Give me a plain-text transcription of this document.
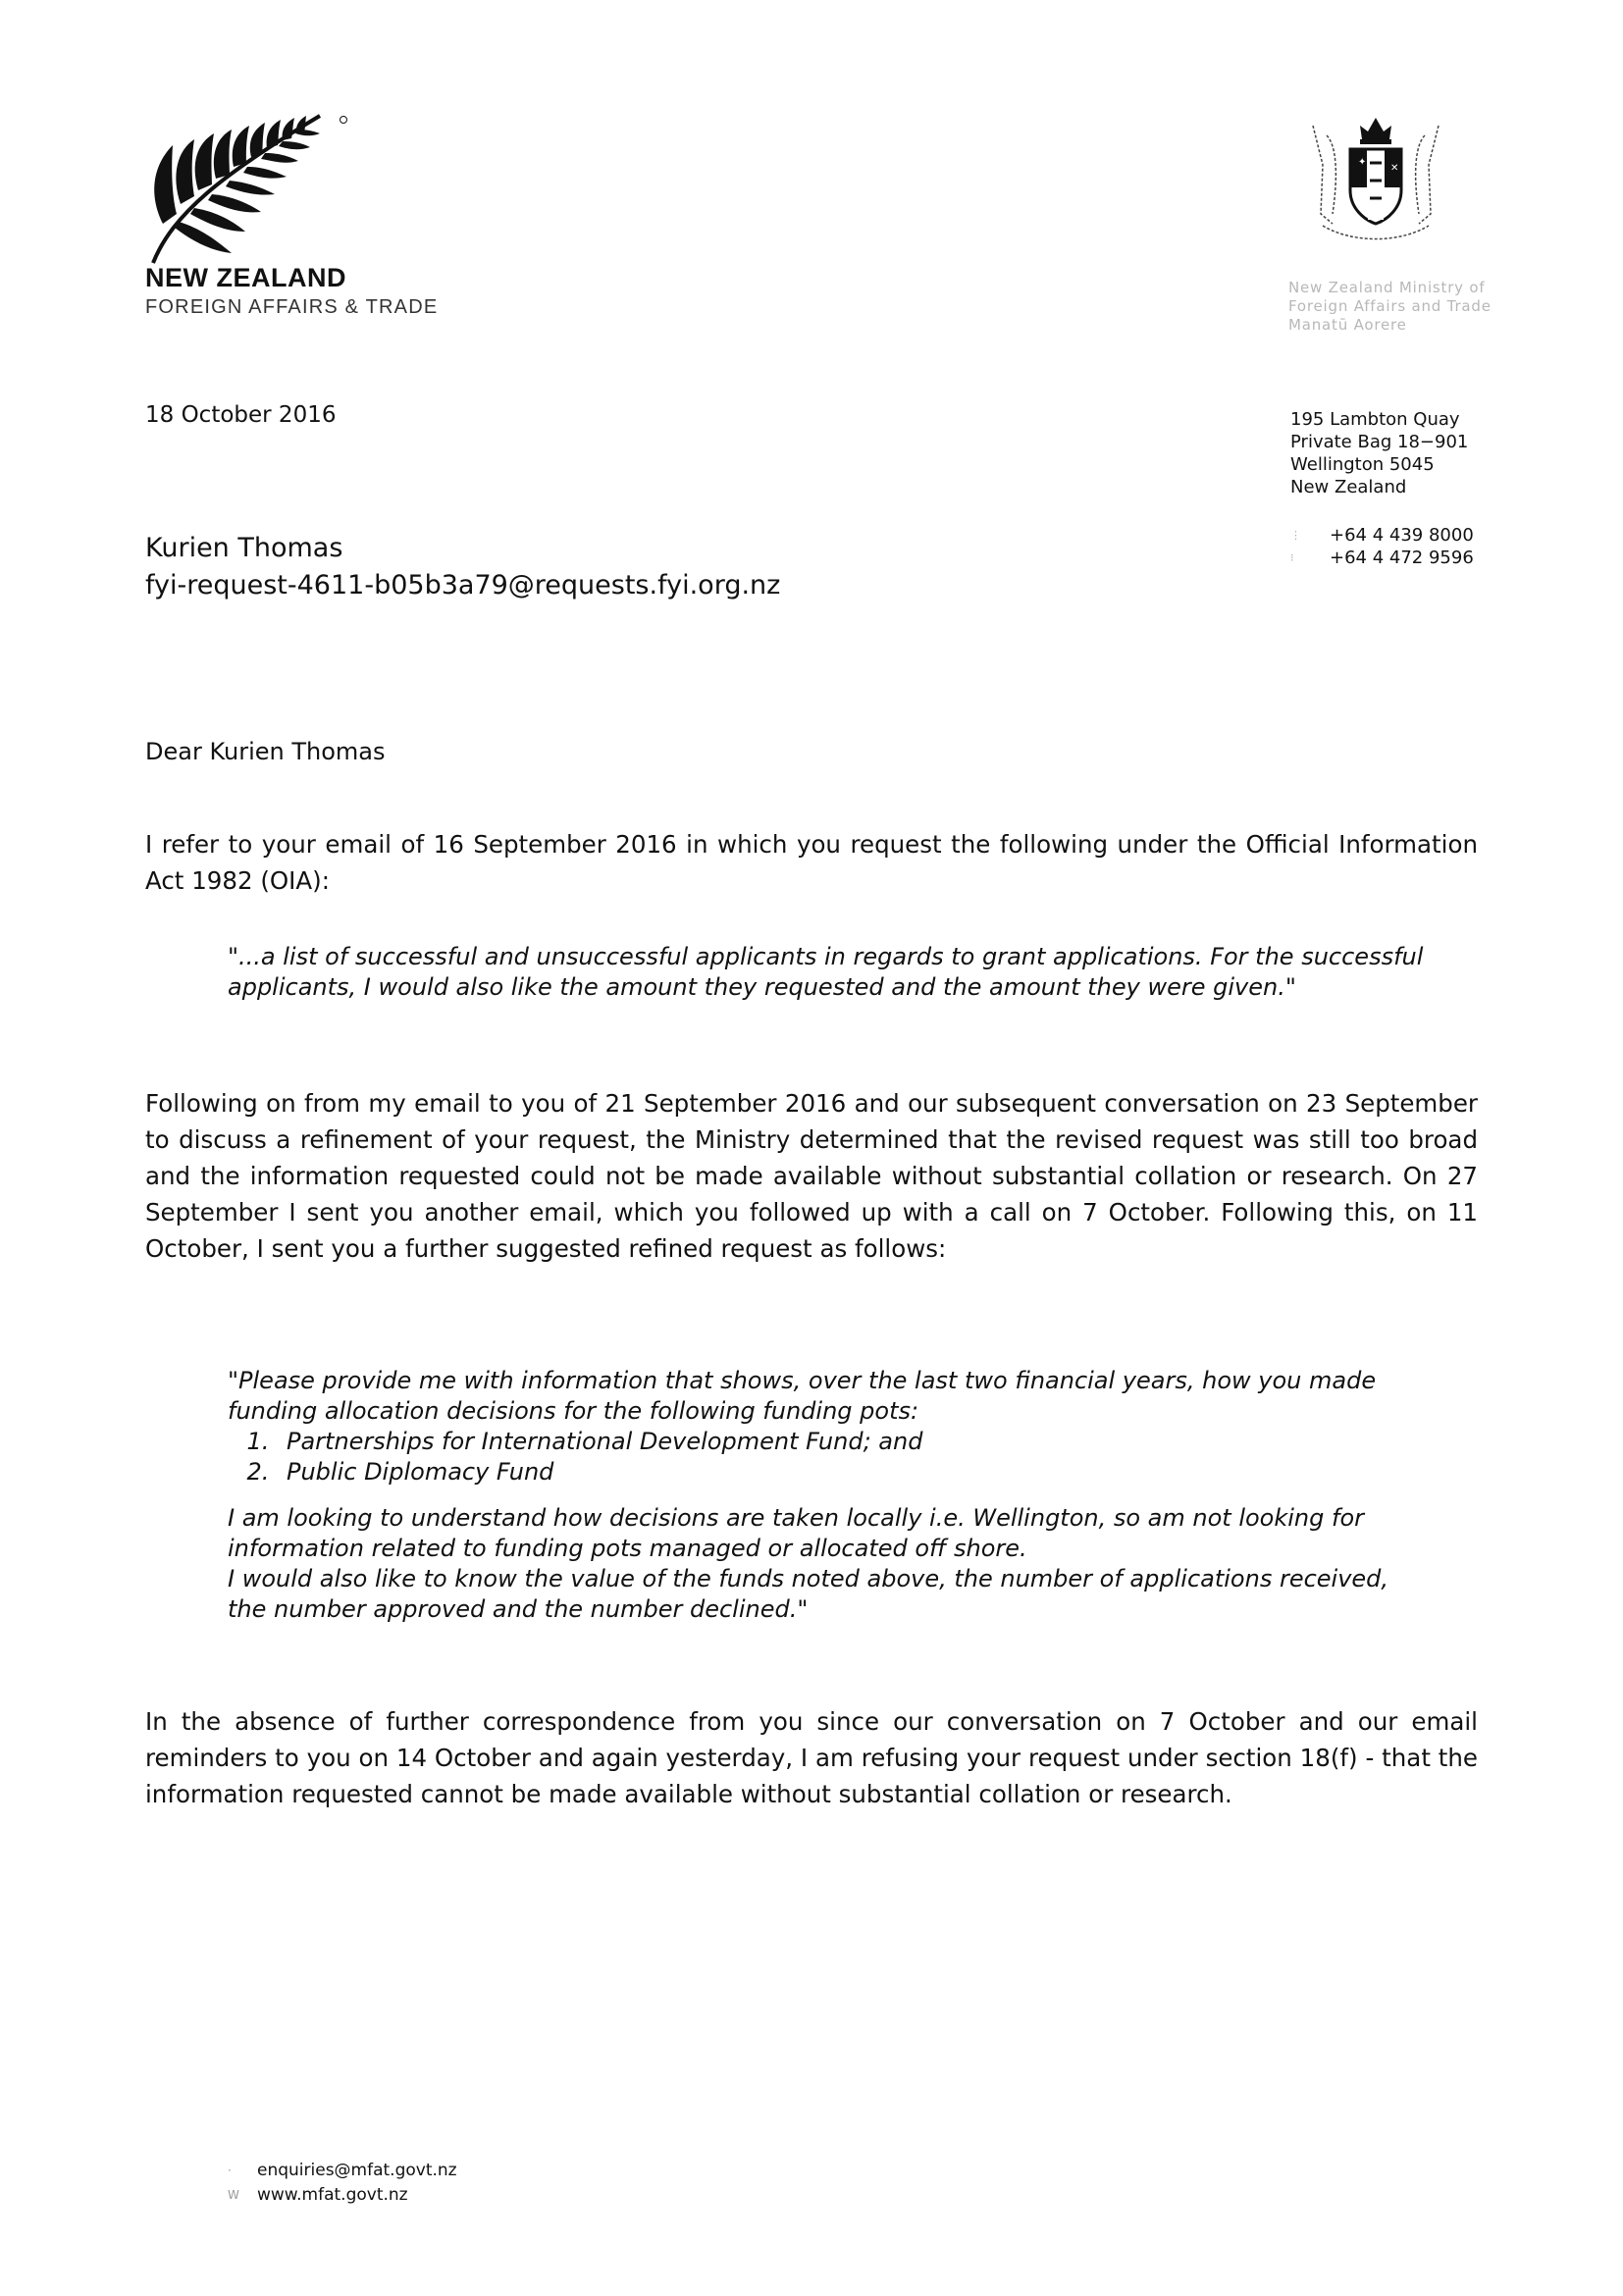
NEW ZEALAND
FOREIGN AFFAIRS & TRADE
✦
✕
New Zealand Ministry of
Foreign Affairs and Trade
Manatū Aorere
195 Lambton Quay
Private Bag 18−901
Wellington 5045
New Zealand
⋮	+64 4 439 8000
⁝	+64 4 472 9596
18 October 2016
Kurien Thomas
fyi-request-4611-b05b3a79@requests.fyi.org.nz
Dear Kurien Thomas
I refer to your email of 16 September 2016 in which you request the following under the Official Information Act 1982 (OIA):
"...a list of successful and unsuccessful applicants in regards to grant applications. For the successful applicants, I would also like the amount they requested and the amount they were given."
Following on from my email to you of 21 September 2016 and our subsequent conversation on 23 September to discuss a refinement of your request, the Ministry determined that the revised request was still too broad and the information requested could not be made available without substantial collation or research. On 27 September I sent you another email, which you followed up with a call on 7 October. Following this, on 11 October, I sent you a further suggested refined request as follows:
"Please provide me with information that shows, over the last two financial years, how you made funding allocation decisions for the following funding pots:
1. Partnerships for International Development Fund; and
2. Public Diplomacy Fund
I am looking to understand how decisions are taken locally i.e. Wellington, so am not looking for information related to funding pots managed or allocated off shore.
I would also like to know the value of the funds noted above, the number of applications received, the number approved and the number declined."
In the absence of further correspondence from you since our conversation on 7 October and our email reminders to you on 14 October and again yesterday, I am refusing your request under section 18(f) - that the information requested cannot be made available without substantial collation or research.
·	enquiries@mfat.govt.nz
W	www.mfat.govt.nz
